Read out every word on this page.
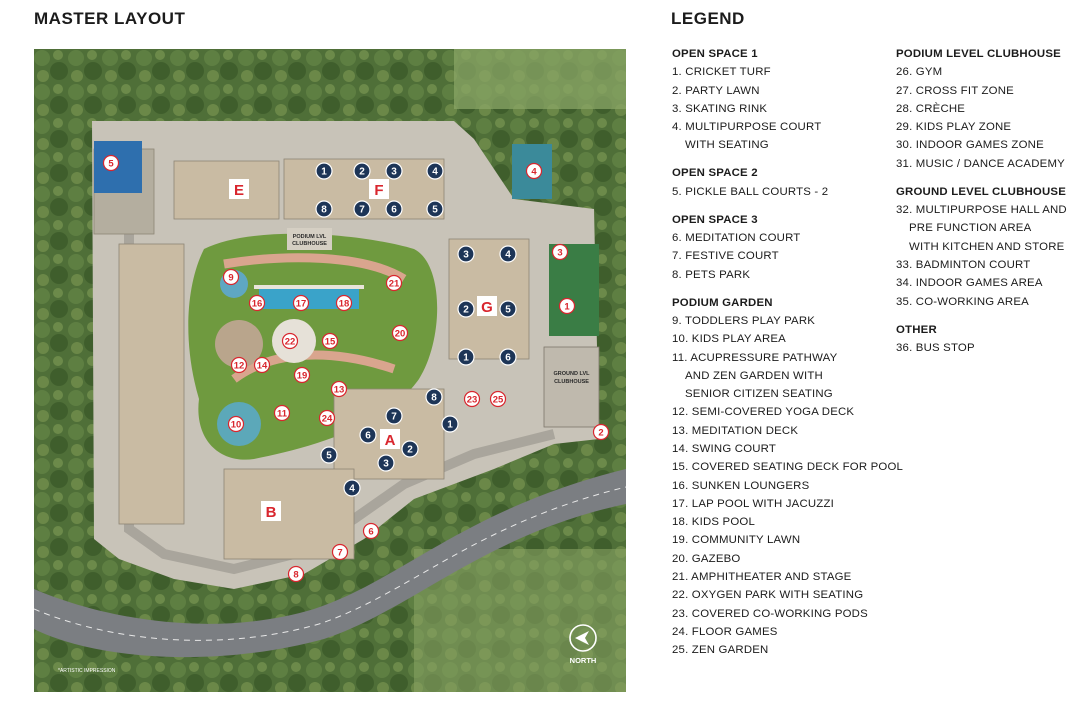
MASTER LAYOUT	LEGEND
PODIUM LVL
CLUBHOUSE
GROUND LVL
CLUBHOUSE
E	F
G
A
B
1	2	3	4
8	7	6	5
3	4
2	5
1	6
8
7
1
6
2
3
5
4
5
4
3
1
2
9
16	17	18
21
20
22	15
12 14
19
13
11	24
10
23 25
6
7
8
NORTH
*ARTISTIC IMPRESSION
OPEN SPACE 1
1. CRICKET TURF
2. PARTY LAWN
3. SKATING RINK
4. MULTIPURPOSE COURT
WITH SEATING
OPEN SPACE 2
5. PICKLE BALL COURTS - 2
OPEN SPACE 3
6. MEDITATION COURT
7. FESTIVE COURT
8. PETS PARK
PODIUM GARDEN
9. TODDLERS PLAY PARK
10. KIDS PLAY AREA
11. ACUPRESSURE PATHWAY
AND ZEN GARDEN WITH
SENIOR CITIZEN SEATING
12. SEMI-COVERED YOGA DECK
13. MEDITATION DECK
14. SWING COURT
15. COVERED SEATING DECK FOR POOL
16. SUNKEN LOUNGERS
17. LAP POOL WITH JACUZZI
18. KIDS POOL
19. COMMUNITY LAWN
20. GAZEBO
21. AMPHITHEATER AND STAGE
22. OXYGEN PARK WITH SEATING
23. COVERED CO-WORKING PODS
24. FLOOR GAMES
25. ZEN GARDEN
PODIUM LEVEL CLUBHOUSE
26. GYM
27. CROSS FIT ZONE
28. CRÈCHE
29. KIDS PLAY ZONE
30. INDOOR GAMES ZONE
31. MUSIC / DANCE ACADEMY
GROUND LEVEL CLUBHOUSE
32. MULTIPURPOSE HALL AND
PRE FUNCTION AREA
WITH KITCHEN AND STORE
33. BADMINTON COURT
34. INDOOR GAMES AREA
35. CO-WORKING AREA
OTHER
36. BUS STOP
